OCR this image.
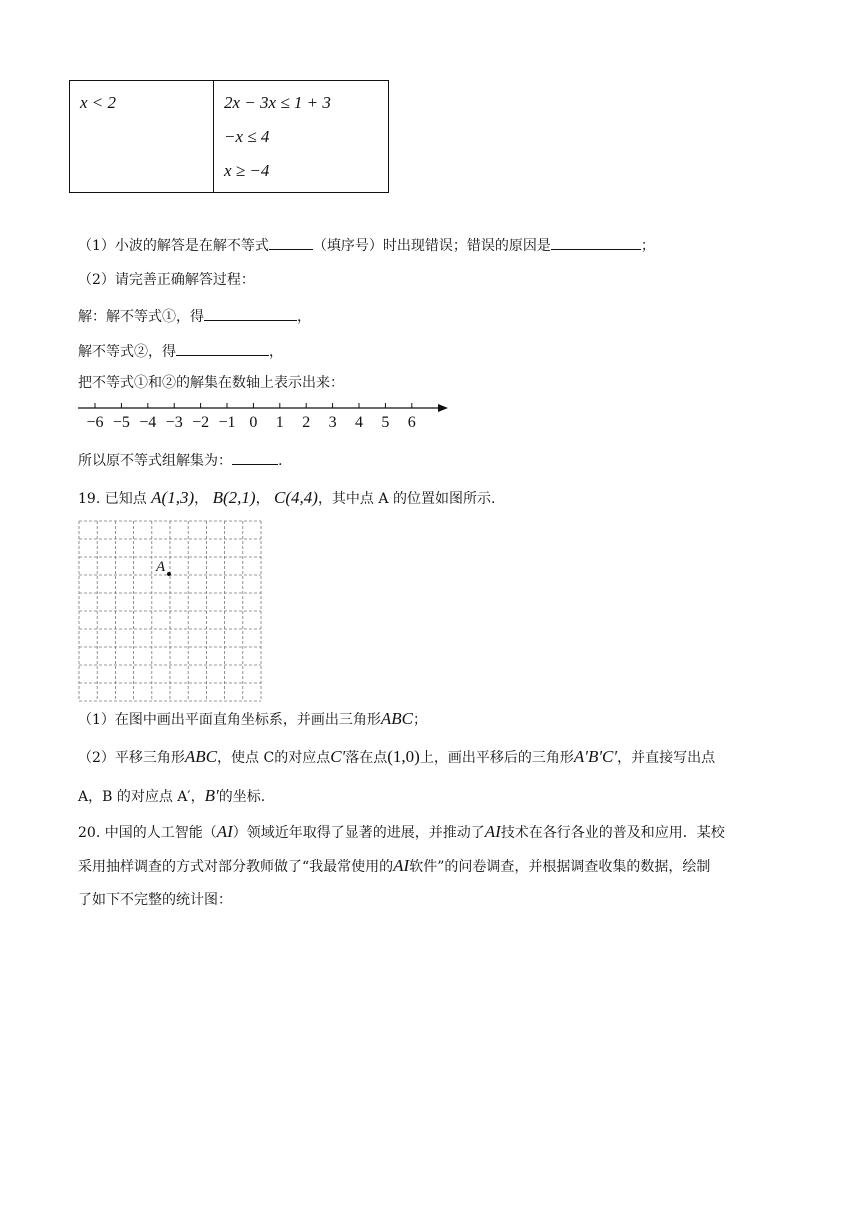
x < 2	2x − 3x ≤ 1 + 3
−x ≤ 4
x ≥ −4
（1）小波的解答是在解不等式	（填序号）时出现错误；错误的原因是	；
（2）请完善正确解答过程：
解：解不等式①，得	，
解不等式②，得	，
把不等式①和②的解集在数轴上表示出来：
−6 −5 −4 −3 −2 −1 0 1 2 3 4 5 6
所以原不等式组解集为：	.
19. 已知点 A(1,3)， B(2,1)， C(4,4)，其中点 A 的位置如图所示.
A
（1）在图中画出平面直角坐标系，并画出三角形ABC；
（2）平移三角形ABC，使点 C的对应点C′落在点(1,0)上，画出平移后的三角形A′B′C′，并直接写出点
A，B 的对应点 A′，B′的坐标.
20. 中国的人工智能（AI）领域近年取得了显著的进展，并推动了AI技术在各行各业的普及和应用．某校
采用抽样调查的方式对部分教师做了“我最常使用的AI软件”的问卷调查，并根据调查收集的数据，绘制
了如下不完整的统计图：
